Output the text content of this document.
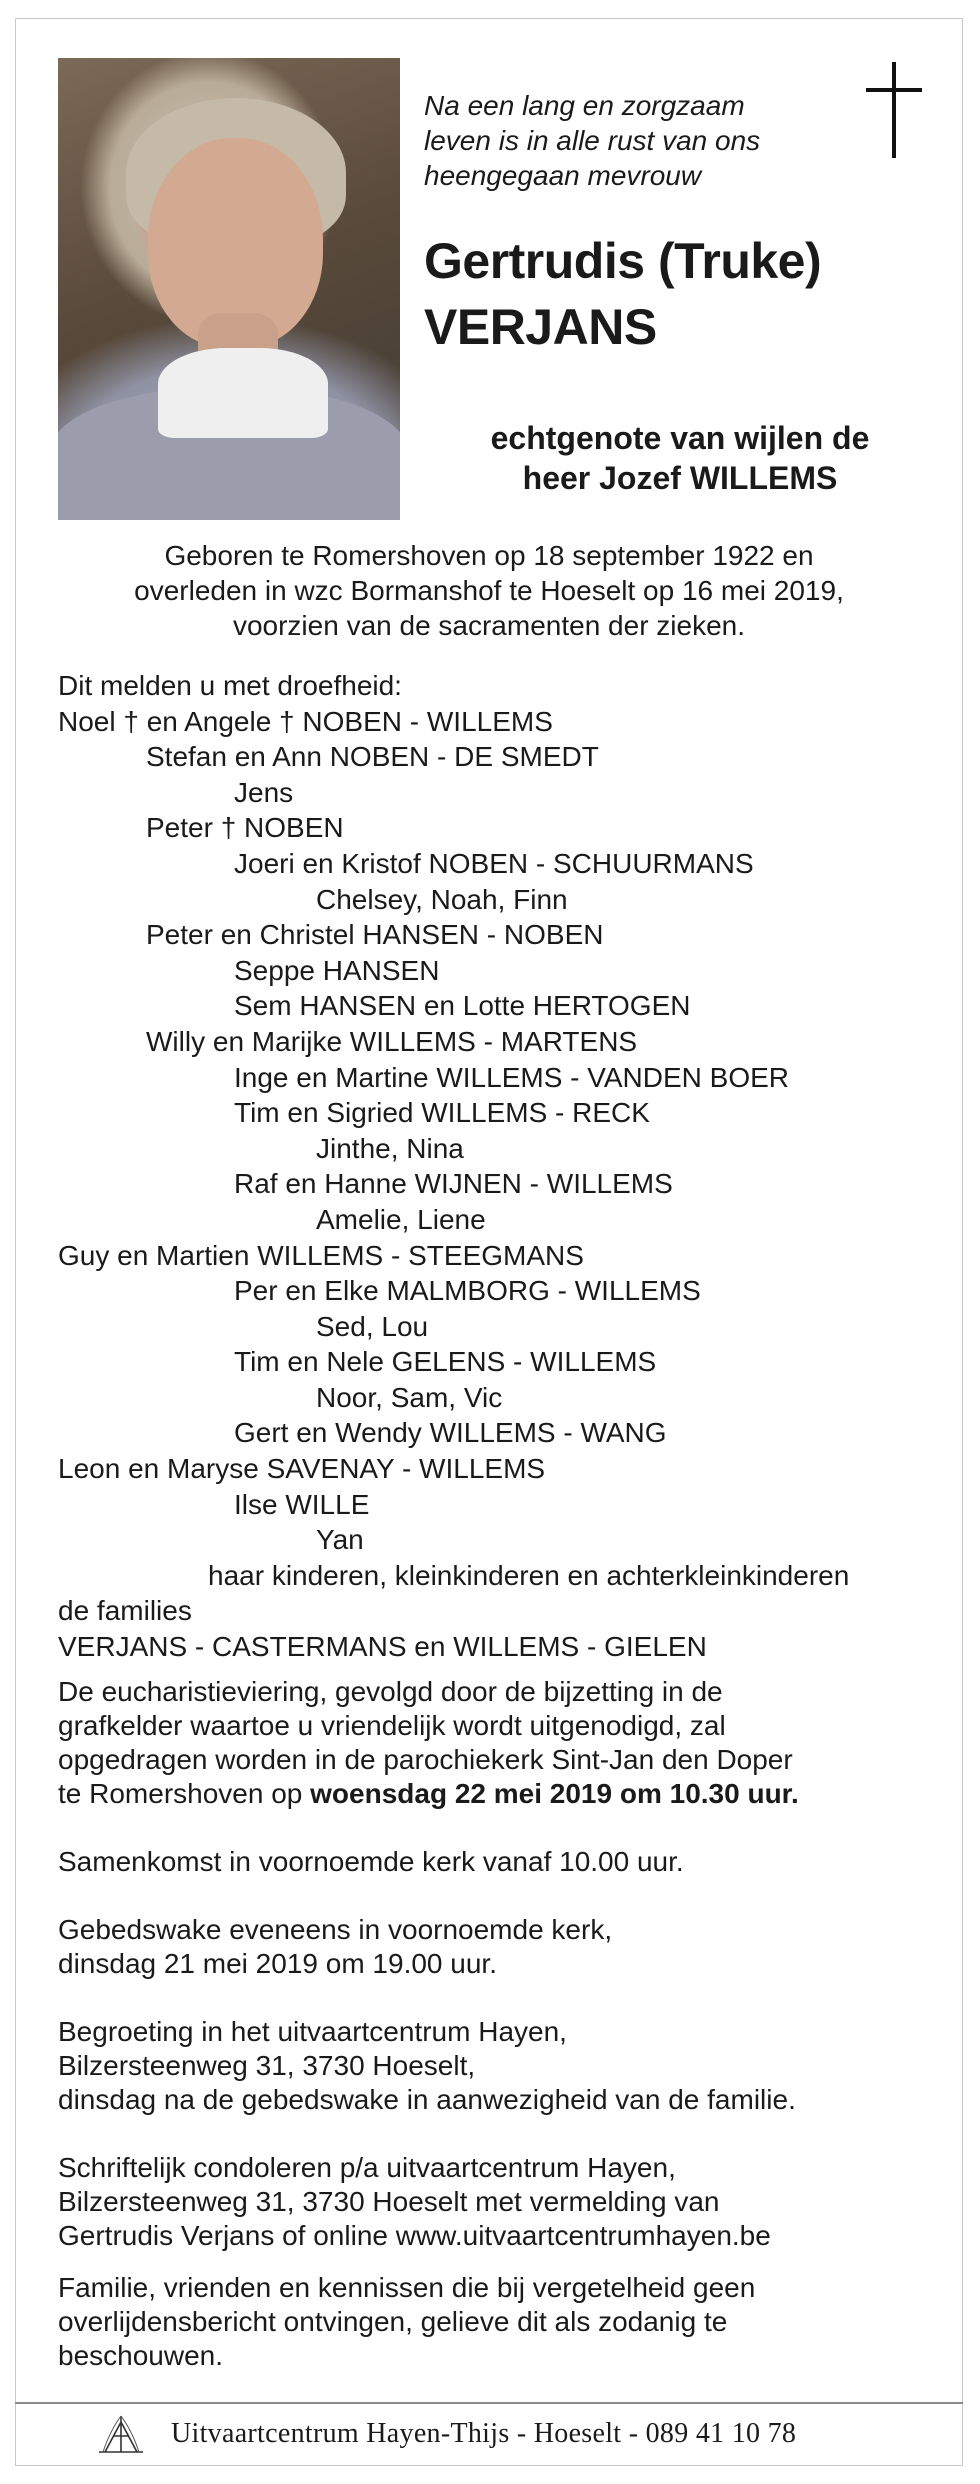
Na een lang en zorgzaam
leven is in alle rust van ons
heengegaan mevrouw
Gertrudis (Truke)
VERJANS
echtgenote van wijlen de
heer Jozef WILLEMS
Geboren te Romershoven op 18 september 1922 en
overleden in wzc Bormanshof te Hoeselt op 16 mei 2019,
voorzien van de sacramenten der zieken.
Dit melden u met droefheid:
Noel † en Angele † NOBEN - WILLEMS
Stefan en Ann NOBEN - DE SMEDT
Jens
Peter † NOBEN
Joeri en Kristof NOBEN - SCHUURMANS
Chelsey, Noah, Finn
Peter en Christel HANSEN - NOBEN
Seppe HANSEN
Sem HANSEN en Lotte HERTOGEN
Willy en Marijke WILLEMS - MARTENS
Inge en Martine WILLEMS - VANDEN BOER
Tim en Sigried WILLEMS - RECK
Jinthe, Nina
Raf en Hanne WIJNEN - WILLEMS
Amelie, Liene
Guy en Martien WILLEMS - STEEGMANS
Per en Elke MALMBORG - WILLEMS
Sed, Lou
Tim en Nele GELENS - WILLEMS
Noor, Sam, Vic
Gert en Wendy WILLEMS - WANG
Leon en Maryse SAVENAY - WILLEMS
Ilse WILLE
Yan
haar kinderen, kleinkinderen en achterkleinkinderen
de families
VERJANS - CASTERMANS en WILLEMS - GIELEN

De eucharistieviering, gevolgd door de bijzetting in de

grafkelder waartoe u vriendelijk wordt uitgenodigd, zal

opgedragen worden in de parochiekerk Sint-Jan den Doper

te Romershoven op woensdag 22 mei 2019 om 10.30 uur.

Samenkomst in voornoemde kerk vanaf 10.00 uur.

Gebedswake eveneens in voornoemde kerk,

dinsdag 21 mei 2019 om 19.00 uur.

Begroeting in het uitvaartcentrum Hayen,

Bilzersteenweg 31, 3730 Hoeselt,

dinsdag na de gebedswake in aanwezigheid van de familie.

Schriftelijk condoleren p/a uitvaartcentrum Hayen,

Bilzersteenweg 31, 3730 Hoeselt met vermelding van

Gertrudis Verjans of online www.uitvaartcentrumhayen.be

Familie, vrienden en kennissen die bij vergetelheid geen

overlijdensbericht ontvingen, gelieve dit als zodanig te

beschouwen.

Uitvaartcentrum Hayen-Thijs - Hoeselt - 089 41 10 78
